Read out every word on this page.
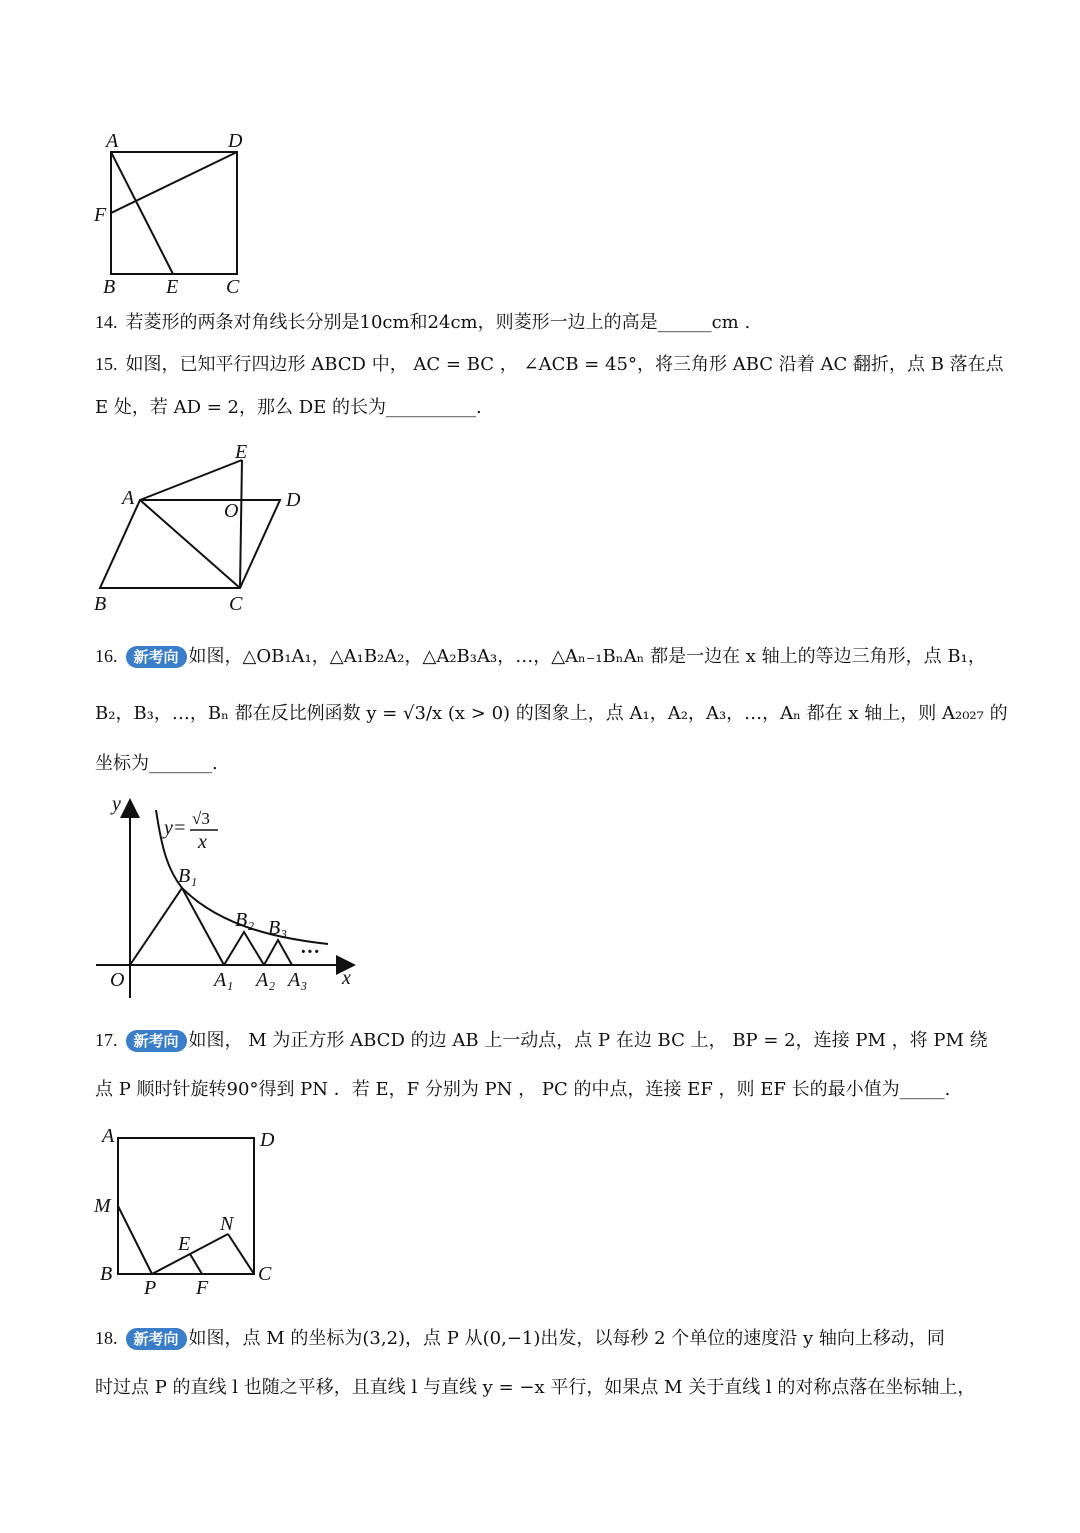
A	D
F
B	E C
14. 若菱形的两条对角线长分别是10cm和24cm，则菱形一边上的高是______cm .
15. 如图，已知平行四边形 ABCD 中， AC = BC ， ∠ACB = 45°，将三角形 ABC 沿着 AC 翻折，点 B 落在点
E 处，若 AD = 2，那么 DE 的长为__________.
E
A
O D
B	C
16. 新考向 如图，△OB₁A₁，△A₁B₂A₂，△A₂B₃A₃，…，△Aₙ₋₁BₙAₙ 都是一边在 x 轴上的等边三角形，点 B₁，
B₂，B₃，…，Bₙ 都在反比例函数 y = √3/x (x > 0) 的图象上，点 A₁，A₂，A₃，…，Aₙ 都在 x 轴上，则 A₂₀₂₇ 的
坐标为_______.
y
x
O
y= √3
x
B₁
B₂ B₃
A₁ A₂ A₃
···
17. 新考向 如图， M 为正方形 ABCD 的边 AB 上一动点，点 P 在边 BC 上， BP = 2，连接 PM ，将 PM 绕
点 P 顺时针旋转90°得到 PN ．若 E，F 分别为 PN ， PC 的中点，连接 EF ，则 EF 长的最小值为_____.
A	D
M
N
E
B
P F
C
18. 新考向 如图，点 M 的坐标为(3,2)，点 P 从(0,−1)出发，以每秒 2 个单位的速度沿 y 轴向上移动，同
时过点 P 的直线 l 也随之平移，且直线 l 与直线 y = −x 平行，如果点 M 关于直线 l 的对称点落在坐标轴上，
